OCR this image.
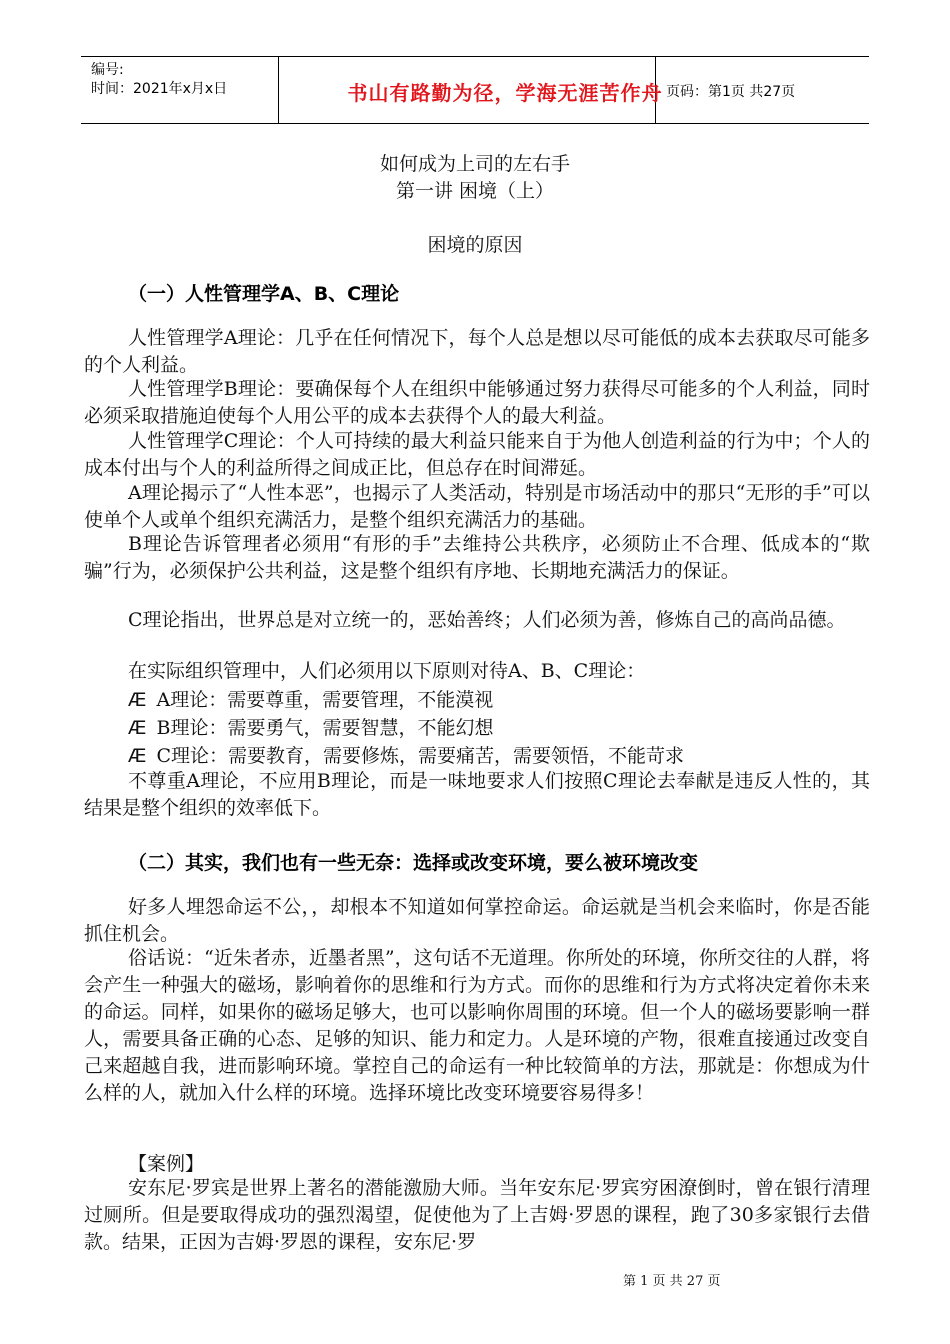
编号:
时间：2021年x月x日	书山有路勤为径，学海无涯苦作舟 页码：第1页 共27页
如何成为上司的左右手
第一讲 困境（上）
困境的原因
（一）人性管理学A、B、C理论
人性管理学A理论：几乎在任何情况下，每个人总是想以尽可能低的成本去获取尽可能多的个人利益。
人性管理学B理论：要确保每个人在组织中能够通过努力获得尽可能多的个人利益，同时必须采取措施迫使每个人用公平的成本去获得个人的最大利益。
人性管理学C理论：个人可持续的最大利益只能来自于为他人创造利益的行为中；个人的成本付出与个人的利益所得之间成正比，但总存在时间滞延。
A理论揭示了“人性本恶”，也揭示了人类活动，特别是市场活动中的那只“无形的手”可以使单个人或单个组织充满活力，是整个组织充满活力的基础。
B理论告诉管理者必须用“有形的手”去维持公共秩序，必须防止不合理、低成本的“欺骗”行为，必须保护公共利益，这是整个组织有序地、长期地充满活力的保证。
C理论指出，世界总是对立统一的，恶始善终；人们必须为善，修炼自己的高尚品德。
在实际组织管理中，人们必须用以下原则对待A、B、C理论：
Æ A理论：需要尊重，需要管理，不能漠视
Æ B理论：需要勇气，需要智慧，不能幻想
Æ C理论：需要教育，需要修炼，需要痛苦，需要领悟，不能苛求
不尊重A理论，不应用B理论，而是一味地要求人们按照C理论去奉献是违反人性的，其结果是整个组织的效率低下。
（二）其实，我们也有一些无奈：选择或改变环境，要么被环境改变
好多人埋怨命运不公，，却根本不知道如何掌控命运。命运就是当机会来临时，你是否能抓住机会。
俗话说：“近朱者赤，近墨者黑”，这句话不无道理。你所处的环境，你所交往的人群，将会产生一种强大的磁场，影响着你的思维和行为方式。而你的思维和行为方式将决定着你未来的命运。同样，如果你的磁场足够大，也可以影响你周围的环境。但一个人的磁场要影响一群人，需要具备正确的心态、足够的知识、能力和定力。人是环境的产物，很难直接通过改变自己来超越自我，进而影响环境。掌控自己的命运有一种比较简单的方法，那就是：你想成为什么样的人，就加入什么样的环境。选择环境比改变环境要容易得多！
【案例】
安东尼·罗宾是世界上著名的潜能激励大师。当年安东尼·罗宾穷困潦倒时，曾在银行清理过厕所。但是要取得成功的强烈渴望，促使他为了上吉姆·罗恩的课程，跑了30多家银行去借款。结果，正因为吉姆·罗恩的课程，安东尼·罗
第 1 页 共 27 页
